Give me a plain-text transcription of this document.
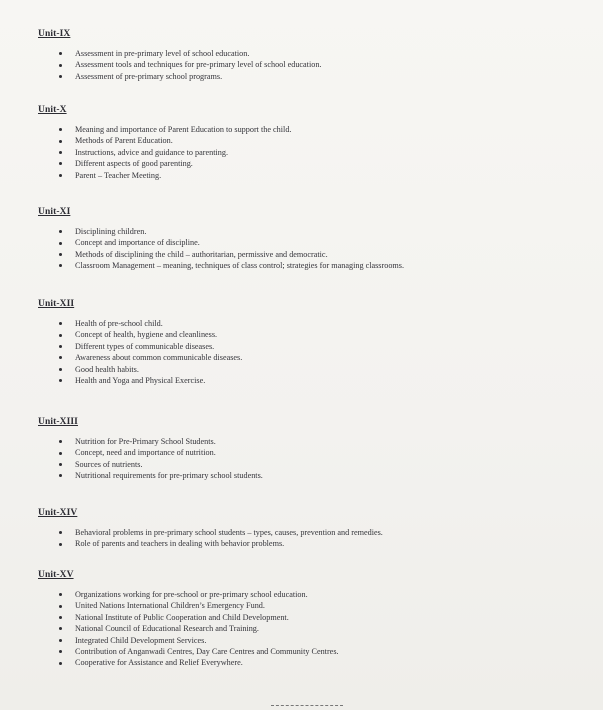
Unit-IX
Assessment in pre-primary level of school education.
Assessment tools and techniques for pre-primary level of school education.
Assessment of pre-primary school programs.
Unit-X
Meaning and importance of Parent Education to support the child.
Methods of Parent Education.
Instructions, advice and guidance to parenting.
Different aspects of good parenting.
Parent – Teacher Meeting.
Unit-XI
Disciplining children.
Concept and importance of discipline.
Methods of disciplining the child – authoritarian, permissive and democratic.
Classroom Management – meaning, techniques of class control; strategies for managing classrooms.
Unit-XII
Health of pre-school child.
Concept of health, hygiene and cleanliness.
Different types of communicable diseases.
Awareness about common communicable diseases.
Good health habits.
Health and Yoga and Physical Exercise.
Unit-XIII
Nutrition for Pre-Primary School Students.
Concept, need and importance of nutrition.
Sources of nutrients.
Nutritional requirements for pre-primary school students.
Unit-XIV
Behavioral problems in pre-primary school students – types, causes, prevention and remedies.
Role of parents and teachers in dealing with behavior problems.
Unit-XV
Organizations working for pre-school or pre-primary school education.
United Nations International Children’s Emergency Fund.
National Institute of Public Cooperation and Child Development.
National Council of Educational Research and Training.
Integrated Child Development Services.
Contribution of Anganwadi Centres, Day Care Centres and Community Centres.
Cooperative for Assistance and Relief Everywhere.
